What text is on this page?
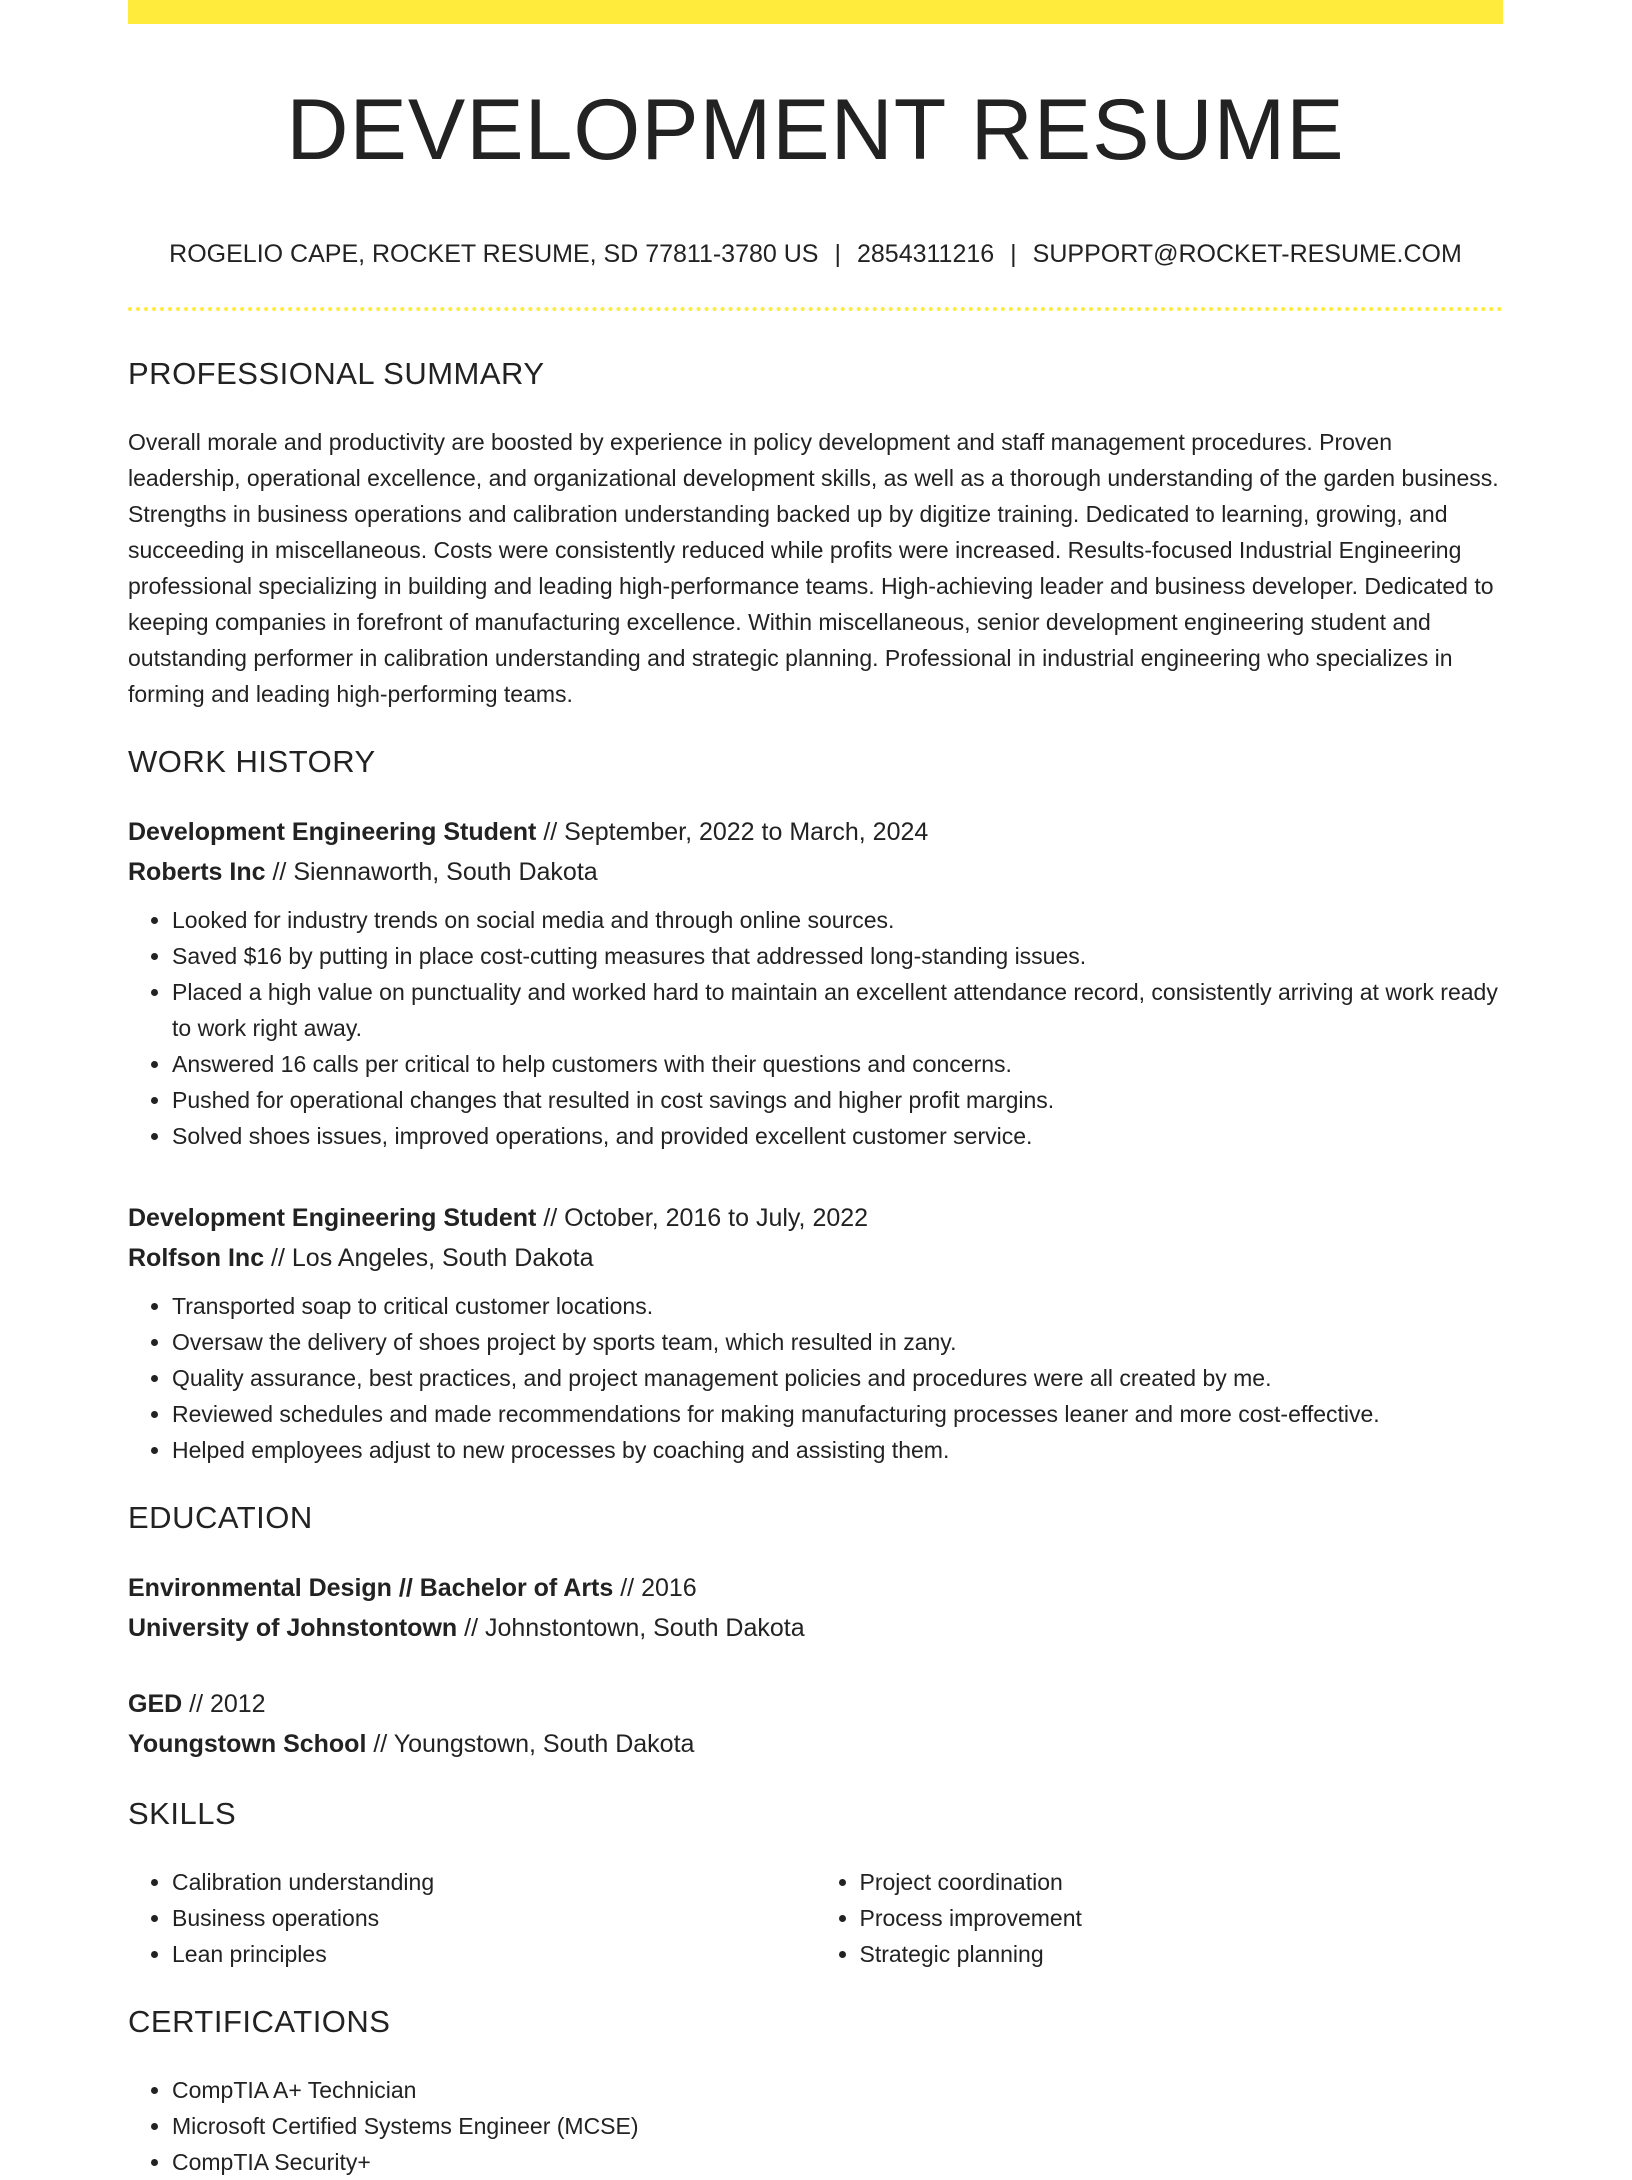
DEVELOPMENT RESUME

ROGELIO CAPE, ROCKET RESUME, SD 77811-3780 US | 2854311216 | SUPPORT@ROCKET-RESUME.COM

PROFESSIONAL SUMMARY

Overall morale and productivity are boosted by experience in policy development and staff management procedures. Proven leadership, operational excellence, and organizational development skills, as well as a thorough understanding of the garden business. Strengths in business operations and calibration understanding backed up by digitize training. Dedicated to learning, growing, and succeeding in miscellaneous. Costs were consistently reduced while profits were increased. Results-focused Industrial Engineering professional specializing in building and leading high-performance teams. High-achieving leader and business developer. Dedicated to keeping companies in forefront of manufacturing excellence. Within miscellaneous, senior development engineering student and outstanding performer in calibration understanding and strategic planning. Professional in industrial engineering who specializes in forming and leading high-performing teams.

WORK HISTORY

Development Engineering Student // September, 2022 to March, 2024

Roberts Inc // Siennaworth, South Dakota

• Looked for industry trends on social media and through online sources.
• Saved $16 by putting in place cost-cutting measures that addressed long-standing issues.
• Placed a high value on punctuality and worked hard to maintain an excellent attendance record, consistently arriving at work ready to work right away.
• Answered 16 calls per critical to help customers with their questions and concerns.
• Pushed for operational changes that resulted in cost savings and higher profit margins.
• Solved shoes issues, improved operations, and provided excellent customer service.

Development Engineering Student // October, 2016 to July, 2022

Rolfson Inc // Los Angeles, South Dakota

• Transported soap to critical customer locations.
• Oversaw the delivery of shoes project by sports team, which resulted in zany.
• Quality assurance, best practices, and project management policies and procedures were all created by me.
• Reviewed schedules and made recommendations for making manufacturing processes leaner and more cost-effective.
• Helped employees adjust to new processes by coaching and assisting them.
EDUCATION

Environmental Design // Bachelor of Arts // 2016

University of Johnstontown // Johnstontown, South Dakota

GED // 2012

Youngstown School // Youngstown, South Dakota

SKILLS
• Calibration understanding
• Business operations
• Lean principles
• Project coordination
• Process improvement
• Strategic planning
CERTIFICATIONS
• CompTIA A+ Technician
• Microsoft Certified Systems Engineer (MCSE)
• CompTIA Security+
